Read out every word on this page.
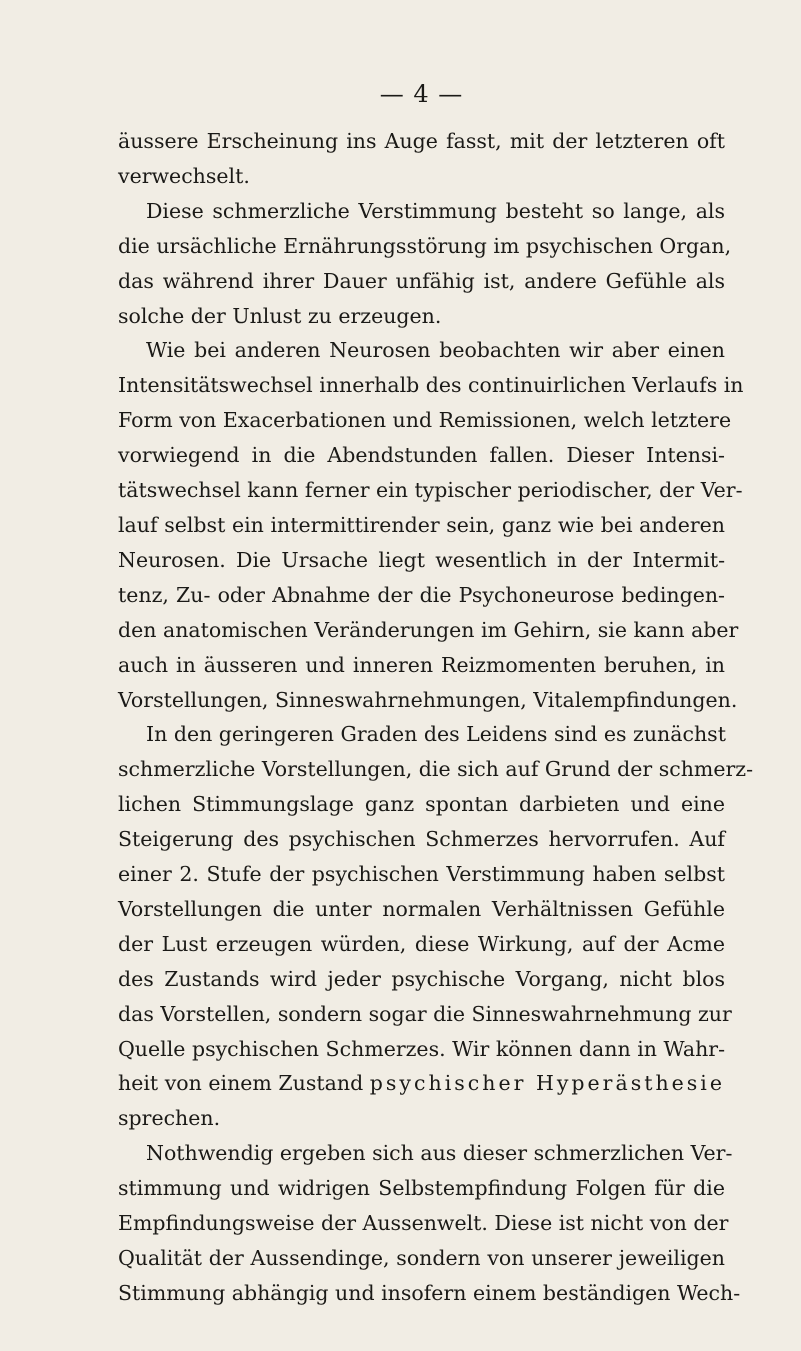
— 4 —
äussere Erscheinung ins Auge fasst, mit der letzteren oft
verwechselt.
Diese schmerzliche Verstimmung besteht so lange, als
die ursächliche Ernährungsstörung im psychischen Organ,
das während ihrer Dauer unfähig ist, andere Gefühle als
solche der Unlust zu erzeugen.
Wie bei anderen Neurosen beobachten wir aber einen
Intensitätswechsel innerhalb des continuirlichen Verlaufs in
Form von Exacerbationen und Remissionen, welch letztere
vorwiegend in die Abendstunden fallen. Dieser Intensi-
tätswechsel kann ferner ein typischer periodischer, der Ver-
lauf selbst ein intermittirender sein, ganz wie bei anderen
Neurosen. Die Ursache liegt wesentlich in der Intermit-
tenz, Zu- oder Abnahme der die Psychoneurose bedingen-
den anatomischen Veränderungen im Gehirn, sie kann aber
auch in äusseren und inneren Reizmomenten beruhen, in
Vorstellungen, Sinneswahrnehmungen, Vitalempfindungen.
In den geringeren Graden des Leidens sind es zunächst
schmerzliche Vorstellungen, die sich auf Grund der schmerz-
lichen Stimmungslage ganz spontan darbieten und eine
Steigerung des psychischen Schmerzes hervorrufen. Auf
einer 2. Stufe der psychischen Verstimmung haben selbst
Vorstellungen die unter normalen Verhältnissen Gefühle
der Lust erzeugen würden, diese Wirkung, auf der Acme
des Zustands wird jeder psychische Vorgang, nicht blos
das Vorstellen, sondern sogar die Sinneswahrnehmung zur
Quelle psychischen Schmerzes. Wir können dann in Wahr-
heit von einem Zustand psychischer Hyperästhesie
sprechen.
Nothwendig ergeben sich aus dieser schmerzlichen Ver-
stimmung und widrigen Selbstempfindung Folgen für die
Empfindungsweise der Aussenwelt. Diese ist nicht von der
Qualität der Aussendinge, sondern von unserer jeweiligen
Stimmung abhängig und insofern einem beständigen Wech-
